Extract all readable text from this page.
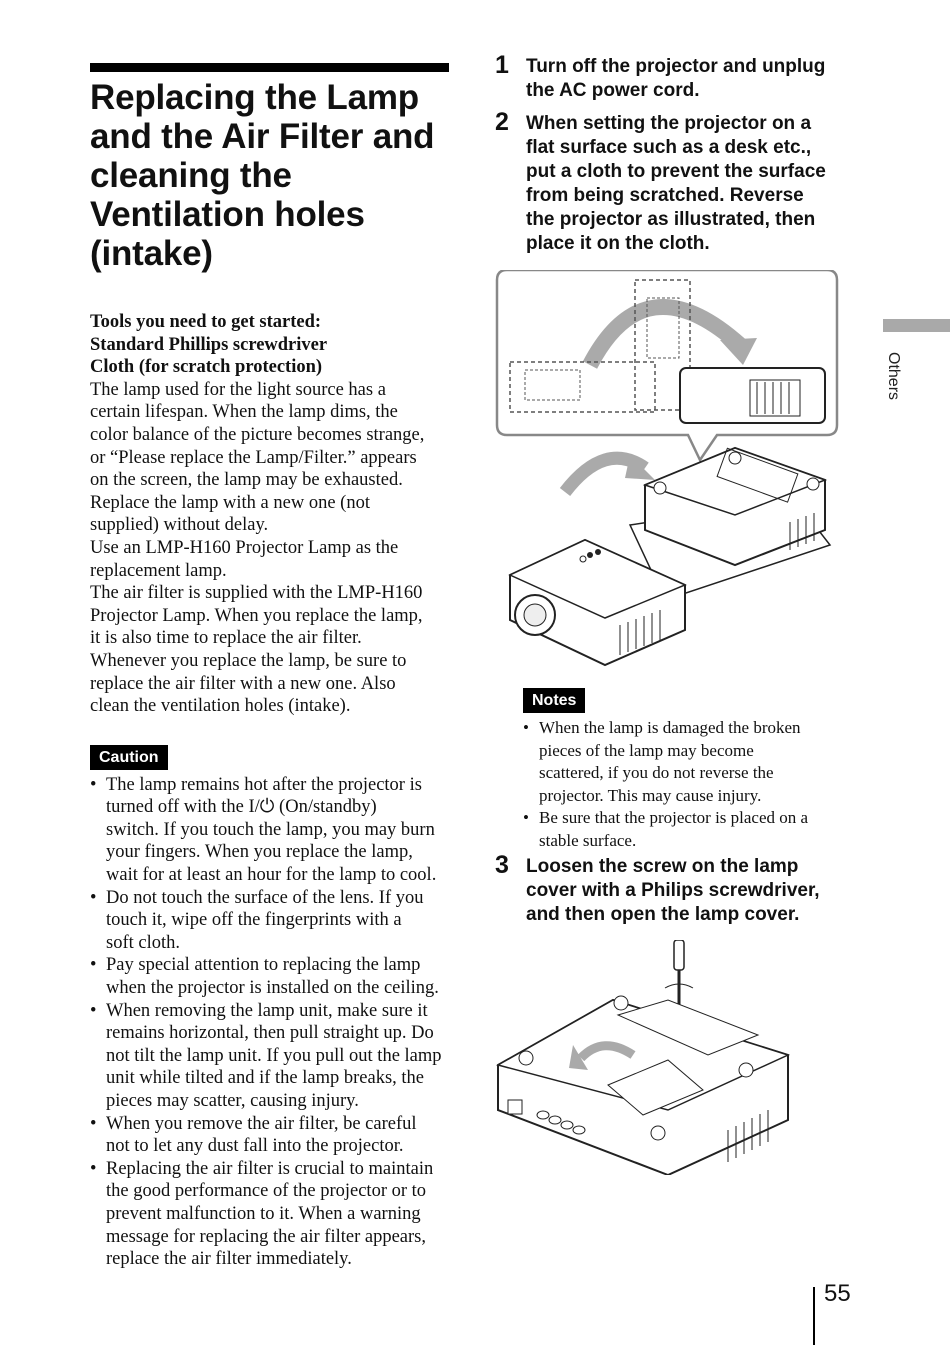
Replacing the Lamp
and the Air Filter and
cleaning the
Ventilation holes
(intake)
Tools you need to get started:
Standard Phillips screwdriver
Cloth (for scratch protection)
The lamp used for the light source has a
certain lifespan. When the lamp dims, the
color balance of the picture becomes strange,
or “Please replace the Lamp/Filter.” appears
on the screen, the lamp may be exhausted.
Replace the lamp with a new one (not
supplied) without delay.
Use an LMP-H160 Projector Lamp as the
replacement lamp.
The air filter is supplied with the LMP-H160
Projector Lamp. When you replace the lamp,
it is also time to replace the air filter.
Whenever you replace the lamp, be sure to
replace the air filter with a new one. Also
clean the ventilation holes (intake).
Caution
• The lamp remains hot after the projector is
turned off with the I/⏻ (On/standby)
switch. If you touch the lamp, you may burn
your fingers. When you replace the lamp,
wait for at least an hour for the lamp to cool.
• Do not touch the surface of the lens. If you
touch it, wipe off the fingerprints with a
soft cloth.
• Pay special attention to replacing the lamp
when the projector is installed on the ceiling.
• When removing the lamp unit, make sure it
remains horizontal, then pull straight up. Do
not tilt the lamp unit. If you pull out the lamp
unit while tilted and if the lamp breaks, the
pieces may scatter, causing injury.
• When you remove the air filter, be careful
not to let any dust fall into the projector.
• Replacing the air filter is crucial to maintain
the good performance of the projector or to
prevent malfunction to it. When a warning
message for replacing the air filter appears,
replace the air filter immediately.
1 Turn off the projector and unplug
the AC power cord.
2 When setting the projector on a
flat surface such as a desk etc.,
put a cloth to prevent the surface
from being scratched. Reverse
the projector as illustrated, then
place it on the cloth.
Notes
• When the lamp is damaged the broken
pieces of the lamp may become
scattered, if you do not reverse the
projector. This may cause injury.
• Be sure that the projector is placed on a
stable surface.
3 Loosen the screw on the lamp
cover with a Philips screwdriver,
and then open the lamp cover.
Others
55
